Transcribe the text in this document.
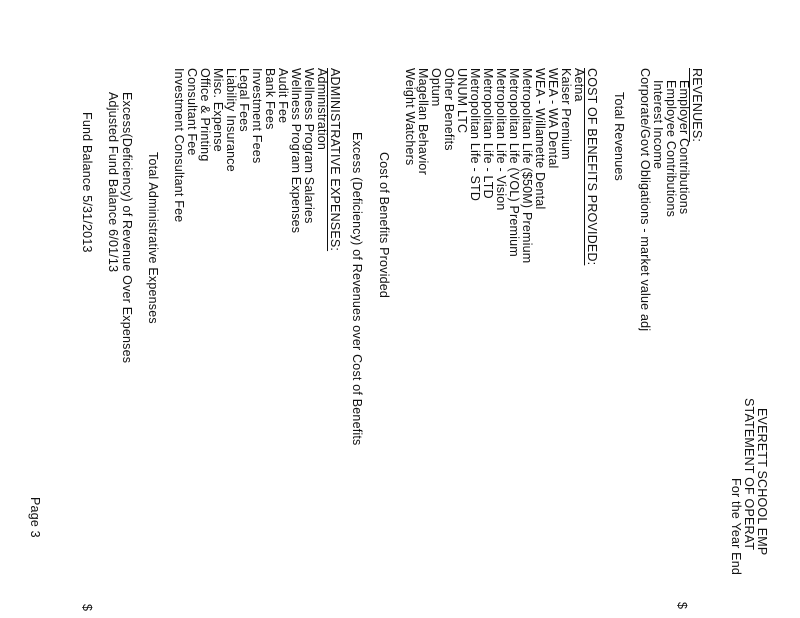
EVERETT SCHOOL EMP
STATEMENT OF OPERAT
For the Year End
$
REVENUES:
Employer Contributions
Employee Contributions
Interest Income
Corporate/Govt Obligations - market value adj
Total Revenues
COST OF BENEFITS PROVIDED:
Aetna
Kaiser Premium
WEA - WA Dental
WEA - Willamette Dental
Metropolitan Life ($50M) Premium
Metropolitan Life (VOL) Premium
Metropolitan Life - Vision
Metropolitan Life - LTD
Metropolitan Life - STD
UNUM LTC
Other Benefits
Optum
Magellan Behavior
Weight Watchers
Cost of Benefits Provided
Excess (Deficiency) of Revenues over Cost of Benefits
ADMINISTRATIVE EXPENSES:
Administration
Wellness Program Salaries
Wellness Program Expenses
Audit Fee
Bank Fees
Investment Fees
Legal Fees
Liability Insurance
Misc. Expense
Office & Printing
Consultant Fee
Investment Consultant Fee
Total Administrative Expenses
Excess(Deficiency) of Revenue Over Expenses
Adjusted Fund Balance 6/01/13
Fund Balance 5/31/2013
Page 3
$
